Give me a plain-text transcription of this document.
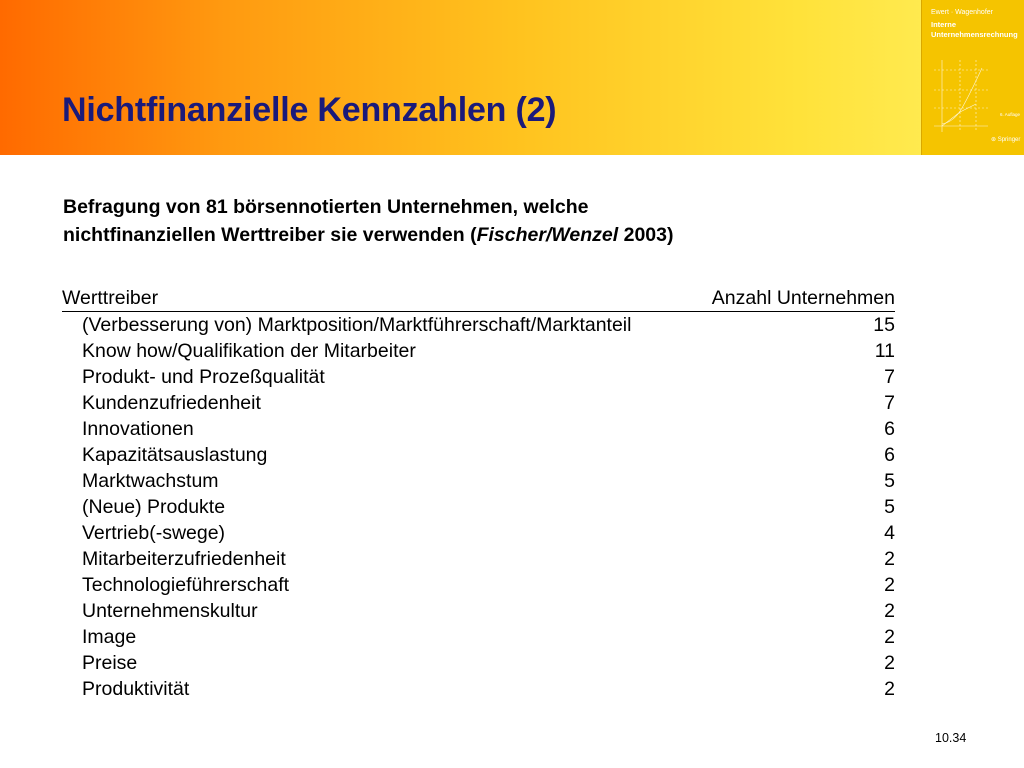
Nichtfinanzielle Kennzahlen (2)
Ewert · Wagenhofer
Interne
Unternehmensrechnung
6. Auflage
⊛ Springer

Befragung von 81 börsennotierten Unternehmen, welche
nichtfinanziellen Werttreiber sie verwenden (Fischer/Wenzel 2003)

Werttreiber	Anzahl Unternehmen
(Verbesserung von) Marktposition/Marktführerschaft/Marktanteil	15
Know how/Qualifikation der Mitarbeiter	11
Produkt- und Prozeßqualität	7
Kundenzufriedenheit	7
Innovationen	6
Kapazitätsauslastung	6
Marktwachstum	5
(Neue) Produkte	5
Vertrieb(-swege)	4
Mitarbeiterzufriedenheit	2
Technologieführerschaft	2
Unternehmenskultur	2
Image	2
Preise	2
Produktivität	2
10.34
